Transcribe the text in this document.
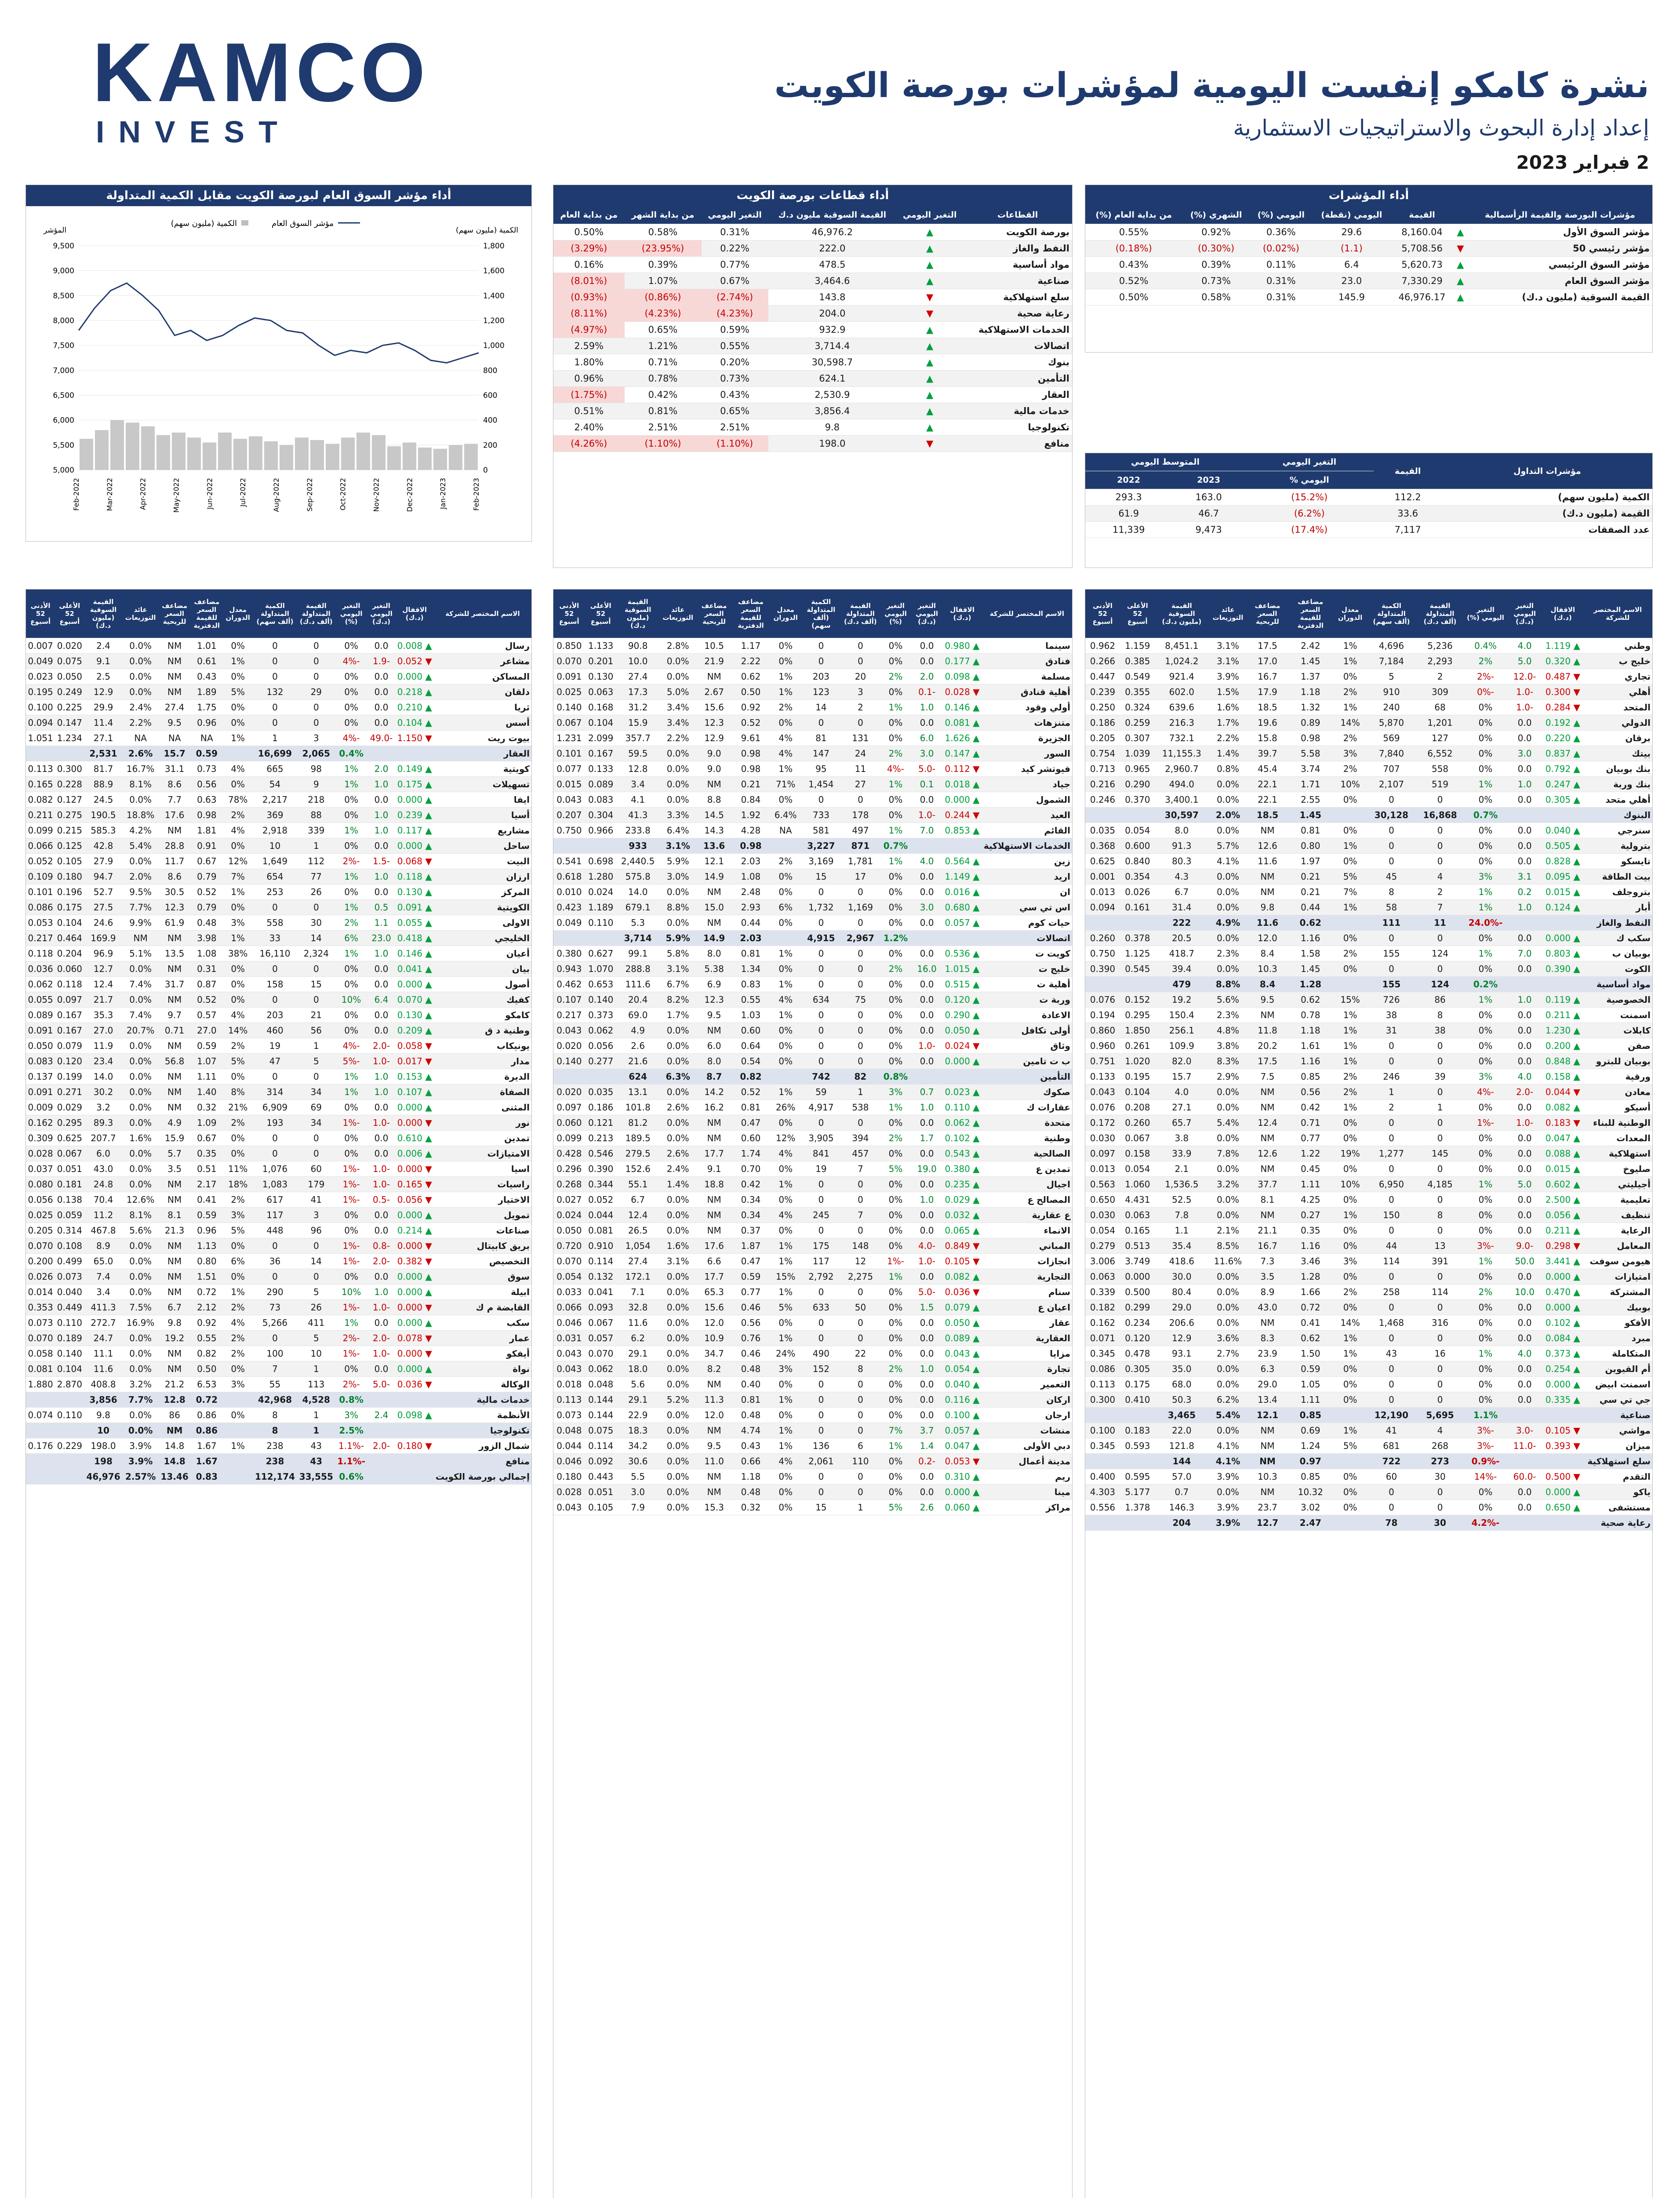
KAMCO
INVEST
نشرة كامكو إنفست اليومية لمؤشرات بورصة الكويت
إعداد إدارة البحوث والاستراتيجيات الاستثمارية
2 فبراير 2023
أداء مؤشر السوق العام لبورصة الكويت مقابل الكمية المتداولة
مؤشر السوق العام
الكمية (مليون سهم)
المؤشر	الكمية (مليون سهم)
9,500
9,000
8,500
8,000
7,500
7,000
6,500
6,000
5,500
5,000
1,800
1,600
1,400
1,200
1,000
800
600
400
200
0
Feb-2022	Mar-2022	Apr-2022	May-2022	Jun-2022	Jul-2022	Aug-2022	Sep-2022	Oct-2022	Nov-2022	Dec-2022	Jan-2023	Feb-2023
أداء قطاعات بورصة الكويت
القطاعات	التغير اليومي	القيمة السوقية مليون د.ك	التغير اليومي	من بداية الشهر	من بداية العام
بورصة الكويت	▲	46,976.2	0.31%	0.58%	0.50%
النفط والغاز	▲	222.0	0.22%	(23.95%)	(3.29%)
مواد أساسية	▲	478.5	0.77%	0.39%	0.16%
صناعية	▲	3,464.6	0.67%	1.07%	(8.01%)
سلع استهلاكية	▼	143.8	(2.74%)	(0.86%)	(0.93%)
رعاية صحية	▼	204.0	(4.23%)	(4.23%)	(8.11%)
الخدمات الاستهلاكية	▲	932.9	0.59%	0.65%	(4.97%)
اتصالات	▲	3,714.4	0.55%	1.21%	2.59%
بنوك	▲	30,598.7	0.20%	0.71%	1.80%
التأمين	▲	624.1	0.73%	0.78%	0.96%
العقار	▲	2,530.9	0.43%	0.42%	(1.75%)
خدمات مالية	▲	3,856.4	0.65%	0.81%	0.51%
تكنولوجيا	▲	9.8	2.51%	2.51%	2.40%
منافع	▼	198.0	(1.10%)	(1.10%)	(4.26%)
أداء المؤشرات
مؤشرات البورصة والقيمة الرأسمالية		القيمة	اليومي (نقطة)	اليومي (%)	الشهري (%)	من بداية العام (%)
مؤشر السوق الأول	▲	8,160.04	29.6	0.36%	0.92%	0.55%
مؤشر رئيسي 50	▼	5,708.56	(1.1)	(0.02%)	(0.30%)	(0.18%)
مؤشر السوق الرئيسي	▲	5,620.73	6.4	0.11%	0.39%	0.43%
مؤشر السوق العام	▲	7,330.29	23.0	0.31%	0.73%	0.52%
القيمة السوقية (مليون د.ك)	▲	46,976.17	145.9	0.31%	0.58%	0.50%
مؤشرات التداول	القيمة	التغير اليومي	المتوسط اليومي	
		اليومي %	2023	2022
الكمية (مليون سهم)	112.2	(15.2%)	163.0	293.3
القيمة (مليون د.ك)	33.6	(6.2%)	46.7	61.9
عدد الصفقات	7,117	(17.4%)	9,473	11,339
الاسم المختصر للشركة	الاقفال (د.ك)	التغير اليومي (د.ك)	التغير اليومي (%)	القيمة المتداولة (ألف د.ك)	الكمية المتداولة (ألف سهم)	معدل الدوران	مضاعف السعر للقيمة الدفترية	مضاعف السعر للربحية	عائد التوزيعات	القيمة السوقية (مليون د.ك)	الأعلى 52 أسبوع	الأدنى 52 أسبوع
وطني	▲ 1.119	4.0	0.4%	5,236	4,696	1%	2.42	17.5	3.1%	8,451.1	1.159	0.962
خليج ب	▲ 0.320	5.0	2%	2,293	7,184	1%	1.45	17.0	3.1%	1,024.2	0.385	0.266
تجاري	▼ 0.487	-12.0	-2%	2	5	0%	1.37	16.7	3.9%	921.4	0.549	0.447
أهلي	▼ 0.300	-1.0	-0%	309	910	2%	1.18	17.9	1.5%	602.0	0.355	0.239
المتحد	▼ 0.284	-1.0	0%	68	240	1%	1.32	18.5	1.6%	639.6	0.324	0.250
الدولي	▲ 0.192	0.0	0%	1,201	5,870	14%	0.89	19.6	1.7%	216.3	0.259	0.186
برقان	▲ 0.220	0.0	0%	127	569	2%	0.98	15.8	2.2%	732.1	0.307	0.205
بيتك	▲ 0.837	3.0	0%	6,552	7,840	3%	5.58	39.7	1.4%	11,155.3	1.039	0.754
بنك بوبيان	▲ 0.792	0.0	0%	558	707	2%	3.74	45.4	0.8%	2,960.7	0.965	0.713
بنك وربة	▲ 0.247	1.0	1%	519	2,107	10%	1.71	22.1	0.0%	494.0	0.290	0.216
أهلي متحد	▲ 0.305	0.0	0%	0	0	0%	2.55	22.1	0.0%	3,400.1	0.370	0.246
البنوك			0.7%	16,868	30,128		1.45	18.5	2.0%	30,597		
سنرجي	▲ 0.040	0.0	0%	0	0	0%	0.81	NM	0.0%	8.0	0.054	0.035
بترولية	▲ 0.505	0.0	0%	0	0	1%	0.80	12.6	5.7%	91.3	0.600	0.368
تايسكو	▲ 0.828	0.0	0%	0	0	0%	1.97	11.6	4.1%	80.3	0.840	0.625
بيت الطاقة	▲ 0.095	3.1	3%	4	45	5%	0.21	NM	0.0%	4.3	0.354	0.001
بتروجلف	▲ 0.015	0.2	1%	2	8	7%	0.21	NM	0.0%	6.7	0.026	0.013
أبار	▲ 0.124	1.0	1%	7	58	1%	0.44	9.8	0.0%	31.4	0.161	0.094
النفط والغاز			-24.0%	11	111		0.62	11.6	4.9%	222		
سكب ك	▲ 0.000	0.0	0%	0	0	0%	1.16	12.0	0.0%	20.5	0.378	0.260
بوبيان ب	▲ 0.803	7.0	1%	124	155	2%	1.58	8.4	2.3%	418.7	1.125	0.750
الكوت	▲ 0.390	0.0	0%	0	0	0%	1.45	10.3	0.0%	39.4	0.545	0.390
مواد أساسية			0.2%	124	155		1.28	8.4	8.8%	479		
الخصوصية	▲ 0.119	1.0	1%	86	726	15%	0.62	9.5	5.6%	19.2	0.152	0.076
اسمنت	▲ 0.211	0.0	0%	8	38	1%	0.78	NM	2.3%	150.4	0.295	0.194
كابلات	▲ 1.230	0.0	0%	38	31	1%	1.18	11.8	4.8%	256.1	1.850	0.860
صفن	▲ 0.200	0.0	0%	0	0	1%	1.61	20.2	3.8%	109.9	0.261	0.960
بوبيان للبترو	▲ 0.848	0.0	0%	0	0	1%	1.16	17.5	8.3%	82.0	1.020	0.751
ورقية	▲ 0.158	4.0	3%	39	246	2%	0.85	7.5	2.9%	15.7	0.195	0.133
معادن	▼ 0.044	-2.0	-4%	0	1	2%	0.56	NM	0.0%	4.0	0.104	0.043
أسيكو	▲ 0.082	0.0	0%	1	2	1%	0.42	NM	0.0%	27.1	0.208	0.076
الوطنية للبناء	▼ 0.183	-1.0	-1%	0	0	0%	0.71	12.4	5.4%	65.7	0.260	0.172
المعدات	▲ 0.047	0.0	0%	0	0	0%	0.77	NM	0.0%	3.8	0.067	0.030
استهلاكية	▲ 0.088	0.0	0%	145	1,277	19%	1.22	12.6	7.8%	33.9	0.158	0.097
صليوخ	▲ 0.015	0.0	0%	0	0	0%	0.45	NM	0.0%	2.1	0.054	0.013
أجيليتي	▲ 0.602	5.0	1%	4,185	6,950	10%	1.11	37.7	3.2%	1,536.5	1.060	0.563
تعليمية	▲ 2.500	0.0	0%	0	0	0%	4.25	8.1	0.0%	52.5	4.431	0.650
تنظيف	▲ 0.056	0.0	0%	8	150	1%	0.27	NM	0.0%	7.8	0.063	0.030
الرعاية	▲ 0.211	0.0	0%	0	0	0%	0.35	21.1	2.1%	1.1	0.165	0.054
المعامل	▼ 0.298	-9.0	-3%	13	44	0%	1.16	16.7	8.5%	35.4	0.513	0.279
هيومن سوفت	▲ 3.441	50.0	1%	391	114	3%	3.46	7.3	11.6%	418.6	3.749	3.006
امتيازات	▲ 0.000	0.0	0%	0	0	0%	1.28	3.5	0.0%	30.0	0.000	0.063
المشتركة	▲ 0.470	10.0	2%	114	258	2%	1.66	8.9	0.0%	80.4	0.500	0.339
بوبيك	▲ 0.000	0.0	0%	0	0	0%	0.72	43.0	0.0%	29.0	0.299	0.182
الأفكو	▲ 0.102	0.0	0%	316	1,468	14%	0.41	NM	0.0%	206.6	0.234	0.162
مبرد	▲ 0.084	0.0	0%	0	0	1%	0.62	8.3	3.6%	12.9	0.120	0.071
المتكاملة	▲ 0.373	4.0	1%	16	43	1%	1.50	23.9	2.7%	93.1	0.478	0.345
أم القيوين	▲ 0.254	0.0	0%	0	0	0%	0.59	6.3	0.0%	35.0	0.305	0.086
اسمنت ابيض	▲ 0.000	0.0	0%	0	0	0%	1.05	29.0	0.0%	68.0	0.175	0.113
جي تي سي	▲ 0.335	0.0	0%	0	0	0%	1.11	13.4	6.2%	50.3	0.410	0.300
صناعية			1.1%	5,695	12,190		0.85	12.1	5.4%	3,465		
مواشي	▼ 0.105	-3.0	-3%	4	41	1%	0.69	NM	0.0%	22.0	0.183	0.100
ميزان	▼ 0.393	-11.0	-3%	268	681	5%	1.24	NM	4.1%	121.8	0.593	0.345
سلع استهلاكية			-0.9%	273	722		0.97	NM	4.1%	144		
التقدم	▼ 0.500	-60.0	-14%	30	60	0%	0.85	10.3	3.9%	57.0	0.595	0.400
ياكو	▲ 0.000	0.0	0%	0	0	0%	10.32	NM	0.0%	0.7	5.177	4.303
مستشفى	▲ 0.650	0.0	0%	0	0	0%	3.02	23.7	3.9%	146.3	1.378	0.556
رعاية صحية			-4.2%	30	78		2.47	12.7	3.9%	204		
الاسم المختصر للشركة	الاقفال (د.ك)	التغير اليومي (د.ك)	التغير اليومي (%)	القيمة المتداولة (ألف د.ك)	الكمية المتداولة (ألف سهم)	معدل الدوران	مضاعف السعر للقيمة الدفترية	مضاعف السعر للربحية	عائد التوزيعات	القيمة السوقية (مليون د.ك)	الأعلى 52 أسبوع	الأدنى 52 أسبوع
سينما	▲ 0.980	0.0	0%	0	0	0%	1.17	10.5	2.8%	90.8	1.133	0.850
فنادق	▲ 0.177	0.0	0%	0	0	0%	2.22	21.9	0.0%	10.0	0.201	0.070
مسلمة	▲ 0.098	2.0	2%	20	203	1%	0.62	NM	0.0%	27.4	0.130	0.091
أهلية قنادق	▼ 0.028	-0.1	0%	3	123	1%	0.50	2.67	5.0%	17.3	0.063	0.025
أولي وقود	▲ 0.146	1.0	1%	2	14	2%	0.92	15.6	3.4%	31.2	0.168	0.140
متنزهات	▲ 0.081	0.0	0%	0	0	0%	0.52	12.3	3.4%	15.9	0.104	0.067
الجزيرة	▲ 1.626	6.0	0%	131	81	4%	9.61	12.9	2.2%	357.7	2.099	1.231
السور	▲ 0.147	3.0	2%	24	147	4%	0.98	9.0	0.0%	59.5	0.167	0.101
فيوتشر كيد	▼ 0.112	-5.0	-4%	11	95	1%	0.98	9.0	0.0%	12.8	0.133	0.077
جياد	▲ 0.018	0.1	1%	27	1,454	71%	0.21	NM	0.0%	3.4	0.089	0.015
الشمول	▲ 0.000	0.0	0%	0	0	0%	0.84	8.8	0.0%	4.1	0.083	0.043
العيد	▼ 0.244	-1.0	0%	178	733	6.4%	1.92	14.5	3.3%	41.3	0.304	0.207
القائم	▲ 0.853	7.0	1%	497	581	NA	4.28	14.3	6.4%	233.8	0.966	0.750
الخدمات الاستهلاكية			0.7%	871	3,227		0.98	13.6	3.1%	933		
زين	▲ 0.564	4.0	1%	1,781	3,169	2%	2.03	12.1	5.9%	2,440.5	0.698	0.541
اريد	▲ 1.149	0.0	0%	17	15	0%	1.08	14.9	3.0%	575.8	1.280	0.618
ان	▲ 0.016	0.0	0%	0	0	0%	2.48	NM	0.0%	14.0	0.024	0.010
اس تي سي	▲ 0.680	3.0	0%	1,169	1,732	6%	2.93	15.0	8.8%	679.1	1.189	0.423
حيات كوم	▲ 0.057	0.0	0%	0	0	0%	0.44	NM	0.0%	5.3	0.110	0.049
اتصالات			1.2%	2,967	4,915		2.03	14.9	5.9%	3,714		
كويت ت	▲ 0.536	0.0	0%	0	0	1%	0.81	8.0	5.8%	99.1	0.627	0.380
خليج ت	▲ 1.015	16.0	2%	0	0	0%	1.34	5.38	3.1%	288.8	1.070	0.943
أهلية ت	▲ 0.515	0.0	0%	0	0	1%	0.83	6.9	6.7%	111.6	0.653	0.462
وربة ت	▲ 0.120	0.0	0%	75	634	4%	0.55	12.3	8.2%	20.4	0.140	0.107
الاعادة	▲ 0.290	0.0	0%	0	0	1%	1.03	9.5	1.7%	69.0	0.373	0.217
أولى تكافل	▲ 0.050	0.0	0%	0	0	0%	0.60	NM	0.0%	4.9	0.062	0.043
وثاق	▼ 0.024	-1.0	0%	0	0	0%	0.64	6.0	0.0%	2.6	0.056	0.020
ب ت تامين	▲ 0.000	0.0	0%	0	0	0%	0.54	8.0	0.0%	21.6	0.277	0.140
التأمين			0.8%	82	742		0.82	8.7	6.3%	624		
صكوك	▲ 0.023	0.7	3%	1	59	1%	0.52	14.2	0.0%	13.1	0.035	0.020
عقارات ك	▲ 0.110	1.0	1%	538	4,917	26%	0.81	16.2	2.6%	101.8	0.186	0.097
متحدة	▲ 0.062	0.0	0%	0	0	0%	0.47	NM	0.0%	81.2	0.121	0.060
وطنية	▲ 0.102	1.7	2%	394	3,905	12%	0.60	NM	0.0%	189.5	0.213	0.099
الصالحية	▲ 0.543	0.0	0%	457	841	4%	1.74	17.7	2.6%	279.5	0.546	0.428
تمدين ع	▲ 0.380	19.0	5%	7	19	0%	0.70	9.1	2.4%	152.6	0.390	0.296
اجيال	▲ 0.235	0.0	0%	0	0	1%	0.42	18.8	1.4%	55.1	0.344	0.268
المصالح ع	▲ 0.029	1.0	0%	0	0	0%	0.34	NM	0.0%	6.7	0.052	0.027
ع عقارية	▲ 0.032	0.0	0%	7	245	4%	0.34	NM	0.0%	12.4	0.044	0.024
الانماء	▲ 0.065	0.0	0%	0	0	0%	0.37	NM	0.0%	26.5	0.081	0.050
المباني	▼ 0.849	-4.0	0%	148	175	1%	1.87	17.6	1.6%	1,054	0.910	0.720
انجازات	▼ 0.105	-1.0	-1%	12	117	1%	0.47	6.6	3.1%	27.4	0.114	0.070
التجارية	▲ 0.082	0.0	1%	2,275	2,792	15%	0.59	17.7	0.0%	172.1	0.132	0.054
سنام	▼ 0.036	-5.0	0%	0	0	1%	0.77	65.3	0.0%	7.1	0.041	0.033
اعيان ع	▲ 0.079	1.5	0%	50	633	5%	0.46	15.6	0.0%	32.8	0.093	0.066
عقار	▲ 0.050	0.0	0%	0	0	0%	0.56	12.0	0.0%	11.6	0.067	0.046
العقارية	▲ 0.089	0.0	0%	0	0	1%	0.76	10.9	0.0%	6.2	0.057	0.031
مزايا	▲ 0.043	0.0	0%	22	490	24%	0.46	34.7	0.0%	29.1	0.070	0.043
تجارة	▲ 0.054	1.0	2%	8	152	3%	0.48	8.2	0.0%	18.0	0.062	0.043
التعمير	▲ 0.040	0.0	0%	0	0	0%	0.40	NM	0.0%	5.6	0.048	0.018
اركان	▲ 0.116	0.0	0%	0	0	1%	0.81	11.3	5.2%	29.1	0.144	0.113
ارجان	▲ 0.100	0.0	0%	0	0	0%	0.48	12.0	0.0%	22.9	0.144	0.073
منشات	▲ 0.057	3.7	7%	0	0	1%	4.74	NM	0.0%	18.3	0.075	0.048
دبي الأولى	▲ 0.047	1.4	1%	6	136	1%	0.43	9.5	0.0%	34.2	0.114	0.044
مدينة أعمال	▼ 0.053	-0.2	0%	110	2,061	4%	0.66	11.0	0.0%	30.6	0.092	0.046
ريم	▲ 0.310	0.0	0%	0	0	0%	1.18	NM	0.0%	5.5	0.443	0.180
مينا	▲ 0.000	0.0	0%	0	0	0%	0.48	NM	0.0%	3.0	0.051	0.028
مراكز	▲ 0.060	2.6	5%	1	15	0%	0.32	15.3	0.0%	7.9	0.105	0.043
الاسم المختصر للشركة	الاقفال (د.ك)	التغير اليومي (د.ك)	التغير اليومي (%)	القيمة المتداولة (ألف د.ك)	الكمية المتداولة (ألف سهم)	معدل الدوران	مضاعف السعر للقيمة الدفترية	مضاعف السعر للربحية	عائد التوزيعات	القيمة السوقية (مليون د.ك)	الأعلى 52 أسبوع	الأدنى 52 أسبوع
رسال	▲ 0.008	0.0	0%	0	0	0%	1.01	NM	0.0%	2.4	0.020	0.007
مشاعر	▼ 0.052	-1.9	-4%	0	0	1%	0.61	NM	0.0%	9.1	0.075	0.049
المساكن	▲ 0.000	0.0	0%	0	0	0%	0.43	NM	0.0%	2.5	0.050	0.023
دلقان	▲ 0.218	0.0	0%	29	132	5%	1.89	NM	0.0%	12.9	0.249	0.195
ثريا	▲ 0.210	0.0	0%	0	0	0%	1.75	27.4	2.4%	29.9	0.225	0.100
أسس	▲ 0.104	0.0	0%	0	0	0%	0.96	9.5	2.2%	11.4	0.147	0.094
بيوت ريت	▼ 1.150	-49.0	-4%	3	1	1%	NA	NA	NA	27.1	1.234	1.051
العقار			0.4%	2,065	16,699		0.59	15.7	2.6%	2,531		
كويتية	▲ 0.149	2.0	1%	98	665	4%	0.73	31.1	16.7%	81.7	0.300	0.113
تسهيلات	▲ 0.175	1.0	1%	9	54	0%	0.56	8.6	8.1%	88.9	0.228	0.165
ايفا	▲ 0.000	0.0	0%	218	2,217	78%	0.63	7.7	0.0%	24.5	0.127	0.082
أسيا	▲ 0.239	1.0	0%	88	369	2%	0.98	17.6	18.8%	190.5	0.275	0.211
مشاريع	▲ 0.117	1.0	1%	339	2,918	4%	1.81	NM	4.2%	585.3	0.215	0.099
ساحل	▲ 0.000	0.0	0%	1	10	0%	0.91	28.8	5.4%	42.8	0.125	0.066
البيت	▼ 0.068	-1.5	-2%	112	1,649	12%	0.67	11.7	0.0%	27.9	0.105	0.052
ارزان	▲ 0.118	1.0	1%	77	654	7%	0.79	8.6	2.0%	94.7	0.180	0.109
المركز	▲ 0.130	0.0	0%	26	253	1%	0.52	30.5	9.5%	52.7	0.196	0.101
الكويتية	▲ 0.091	0.5	1%	0	0	0%	0.79	12.3	7.7%	27.5	0.175	0.086
الاولى	▲ 0.055	1.1	2%	30	558	3%	0.48	61.9	9.9%	24.6	0.104	0.053
الخليجي	▲ 0.418	23.0	6%	14	33	1%	3.98	NM	NM	169.9	0.464	0.217
أعيان	▲ 0.146	1.0	1%	2,324	16,110	38%	1.08	13.5	5.1%	96.9	0.204	0.118
بيان	▲ 0.041	0.0	0%	0	0	0%	0.31	NM	0.0%	12.7	0.060	0.036
أصول	▲ 0.000	0.0	0%	15	158	0%	0.87	31.7	7.4%	12.4	0.118	0.062
كفيك	▲ 0.070	6.4	10%	0	0	0%	0.52	NM	0.0%	21.7	0.097	0.055
كامكو	▲ 0.130	0.0	0%	21	203	4%	0.57	9.7	7.4%	35.3	0.167	0.089
وطنية د ق	▲ 0.209	0.0	0%	56	460	14%	27.0	0.71	20.7%	27.0	0.167	0.091
يونيكاب	▼ 0.058	-2.0	-4%	1	19	2%	0.59	NM	0.0%	11.9	0.079	0.050
مدار	▼ 0.017	-1.0	-5%	5	47	5%	1.07	56.8	0.0%	23.4	0.120	0.083
الديرة	▲ 0.153	1.0	1%	0	0	0%	1.11	NM	0.0%	14.0	0.199	0.137
الصفاة	▲ 0.107	1.0	1%	34	314	8%	1.40	NM	0.0%	30.2	0.271	0.091
المثنى	▲ 0.000	0.0	0%	69	6,909	21%	0.32	NM	0.0%	3.2	0.029	0.009
نور	▼ 0.000	-1.0	-1%	34	193	2%	1.09	4.9	0.0%	89.3	0.295	0.162
تمدين	▲ 0.610	0.0	0%	0	0	0%	0.67	15.9	1.6%	207.7	0.625	0.309
الامتيازات	▲ 0.006	0.0	0%	0	0	0%	0.35	5.7	0.0%	6.0	0.067	0.028
اسيا	▼ 0.000	-1.0	-1%	60	1,076	11%	0.51	3.5	0.0%	43.0	0.051	0.037
راسيات	▼ 0.165	-1.0	-1%	179	1,083	18%	2.17	NM	0.0%	24.8	0.181	0.080
الاختيار	▼ 0.056	-0.5	-1%	41	617	2%	0.41	NM	12.6%	70.4	0.138	0.056
تمويل	▲ 0.000	0.0	0%	3	117	3%	0.59	8.1	8.1%	11.2	0.059	0.025
صناعات	▲ 0.214	0.0	0%	96	448	5%	0.96	21.3	5.6%	467.8	0.314	0.205
بريق كابيتال	▼ 0.000	-0.8	-1%	0	0	0%	1.13	NM	0.0%	8.9	0.108	0.070
التخصيص	▼ 0.382	-2.0	-1%	14	36	6%	0.80	NM	0.0%	65.0	0.499	0.200
سوق	▲ 0.000	0.0	0%	0	0	0%	1.51	NM	0.0%	7.4	0.073	0.026
ابيلة	▲ 0.000	1.0	10%	5	290	1%	0.72	NM	0.0%	3.4	0.040	0.014
القابضة م ك	▼ 0.000	-1.0	-1%	26	73	2%	2.12	6.7	7.5%	411.3	0.449	0.353
سكب	▲ 0.000	0.0	1%	411	5,266	4%	0.92	9.8	16.9%	272.7	0.110	0.073
عمار	▼ 0.078	-2.0	-2%	5	0	2%	0.55	19.2	0.0%	24.7	0.189	0.070
أيفكو	▼ 0.000	-1.0	-1%	10	100	2%	0.82	NM	0.0%	11.1	0.140	0.058
نواة	▲ 0.000	0.0	0%	1	7	0%	0.50	NM	0.0%	11.6	0.104	0.081
الوكالة	▼ 0.036	-5.0	-2%	113	55	3%	6.53	21.2	3.2%	408.8	2.870	1.880
خدمات مالية			0.8%	4,528	42,968		0.72	12.8	7.7%	3,856		
الأنظمة	▲ 0.098	2.4	3%	1	8	0%	0.86	86	0.0%	9.8	0.110	0.074
تكنولوجيا			2.5%	1	8		0.86	NM	0.0%	10		
شمال الزور	▼ 0.180	-2.0	-1.1%	43	238	1%	1.67	14.8	3.9%	198.0	0.229	0.176
منافع			-1.1%	43	238		1.67	14.8	3.9%	198		
إجمالي بورصة الكويت			0.6%	33,555	112,174		0.83	13.46	2.57%	46,976		
